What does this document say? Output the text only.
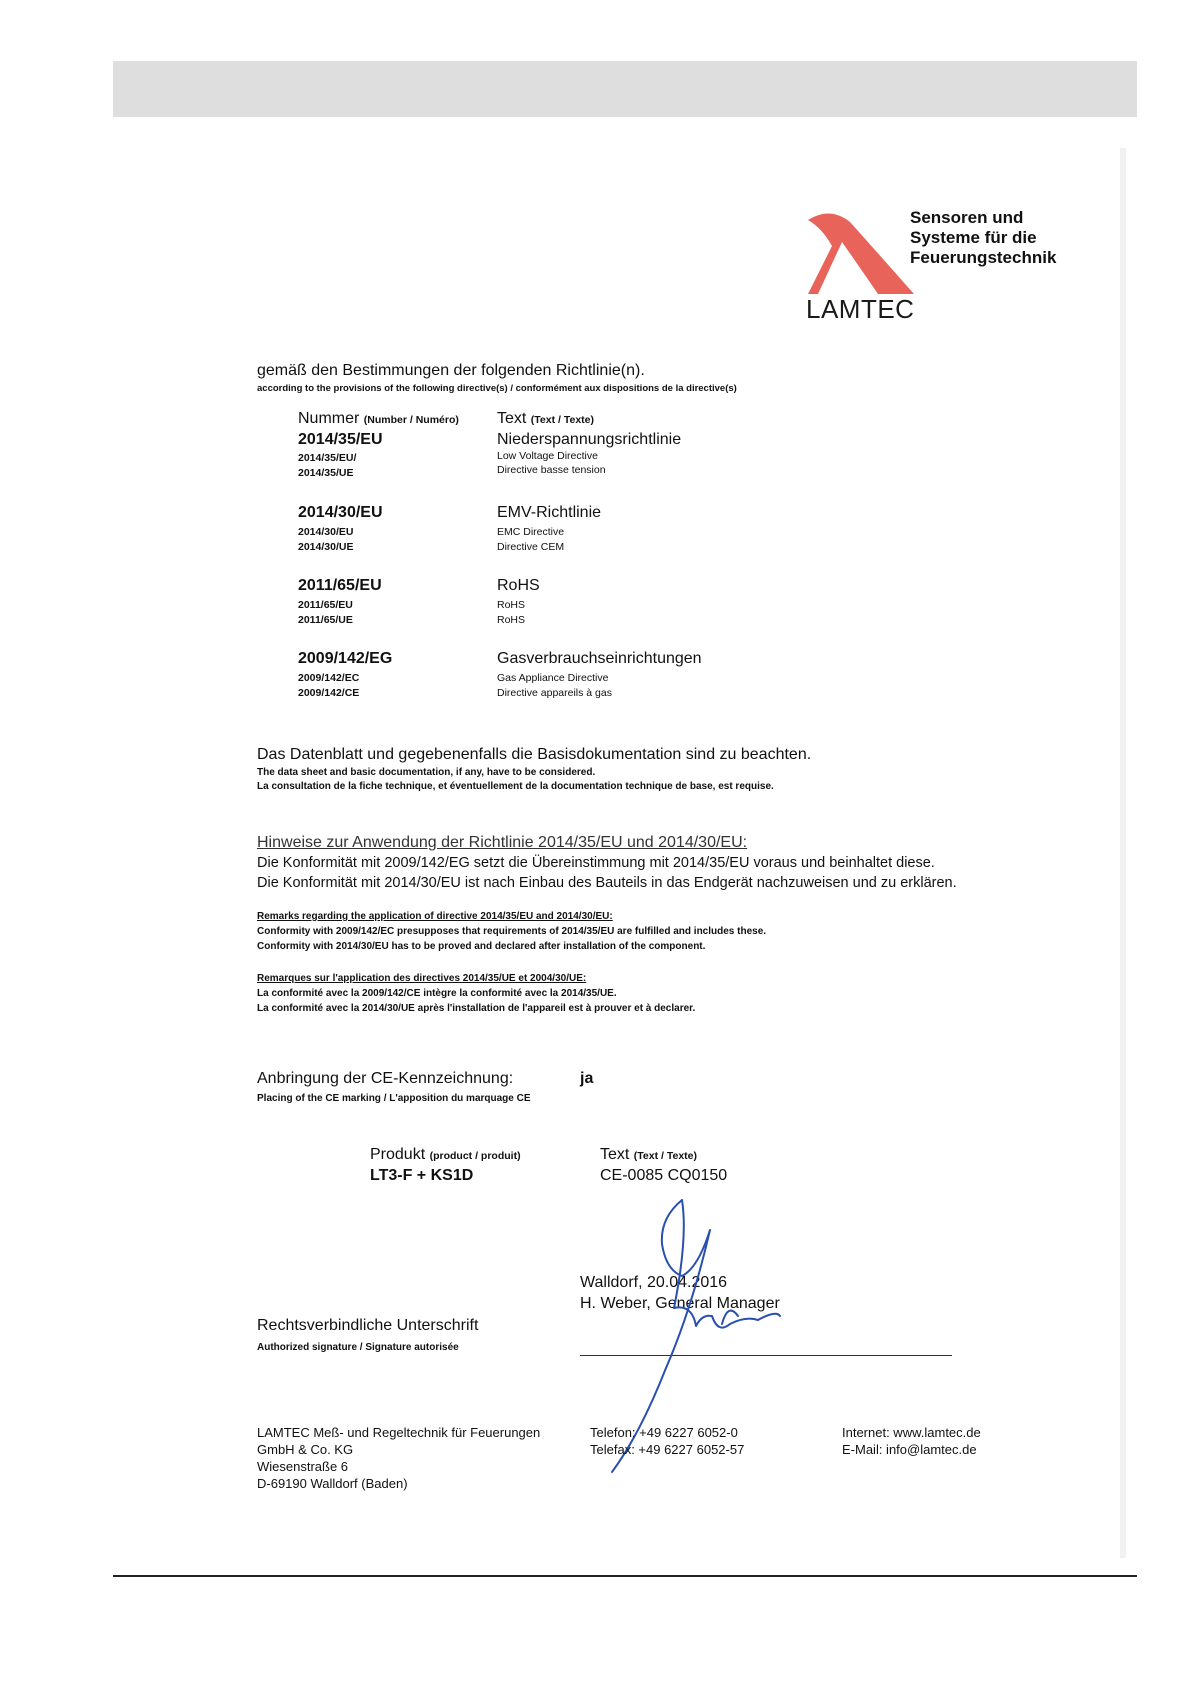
LAMTEC
Sensoren und
Systeme für die
Feuerungstechnik
gemäß den Bestimmungen der folgenden Richtlinie(n).
according to the provisions of the following directive(s) / conformément aux dispositions de la directive(s)
Nummer (Number / Numéro) Text (Text / Texte)
2014/35/EU
2014/35/EU/
2014/35/UE
Niederspannungsrichtlinie
Low Voltage Directive
Directive basse tension
2014/30/EU
2014/30/EU
2014/30/UE
EMV-Richtlinie
EMC Directive
Directive CEM
2011/65/EU
2011/65/EU
2011/65/UE
RoHS
RoHS
RoHS
2009/142/EG
2009/142/EC
2009/142/CE
Gasverbrauchseinrichtungen
Gas Appliance Directive
Directive appareils à gas
Das Datenblatt und gegebenenfalls die Basisdokumentation sind zu beachten.
The data sheet and basic documentation, if any, have to be considered.
La consultation de la fiche technique, et éventuellement de la documentation technique de base, est requise.
Hinweise zur Anwendung der Richtlinie 2014/35/EU und 2014/30/EU:
Die Konformität mit 2009/142/EG setzt die Übereinstimmung mit 2014/35/EU voraus und beinhaltet diese.
Die Konformität mit 2014/30/EU ist nach Einbau des Bauteils in das Endgerät nachzuweisen und zu erklären.
Remarks regarding the application of directive 2014/35/EU and 2014/30/EU:
Conformity with 2009/142/EC presupposes that requirements of 2014/35/EU are fulfilled and includes these.
Conformity with 2014/30/EU has to be proved and declared after installation of the component.
Remarques sur l'application des directives 2014/35/UE et 2004/30/UE:
La conformité avec la 2009/142/CE intègre la conformité avec la 2014/35/UE.
La conformité avec la 2014/30/UE après l'installation de l'appareil est à prouver et à declarer.
Anbringung der CE-Kennzeichnung:	ja
Placing of the CE marking / L'apposition du marquage CE
Produkt (product / produit)
LT3-F + KS1D
Text (Text / Texte)
CE-0085 CQ0150
Walldorf, 20.04.2016
H. Weber, General Manager
Rechtsverbindliche Unterschrift
Authorized signature / Signature autorisée
LAMTEC Meß- und Regeltechnik für Feuerungen
GmbH & Co. KG
Wiesenstraße 6
D-69190 Walldorf (Baden)
Telefon: +49 6227 6052-0
Telefax: +49 6227 6052-57
Internet: www.lamtec.de
E-Mail: info@lamtec.de
